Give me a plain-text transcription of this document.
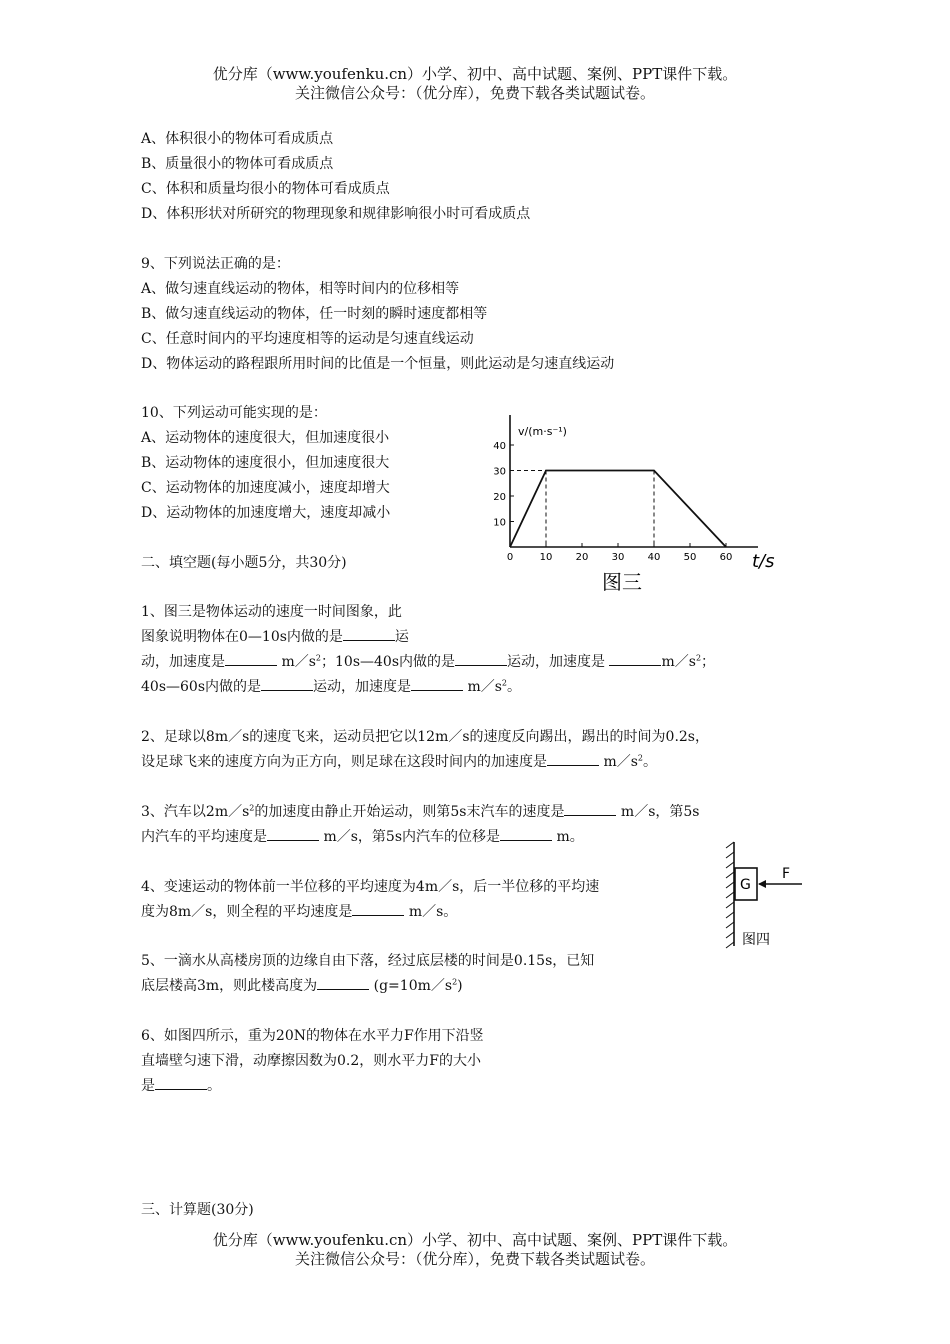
优分库（www.youfenku.cn）小学、初中、高中试题、案例、PPT课件下载。
关注微信公众号：（优分库），免费下载各类试题试卷。
A、体积很小的物体可看成质点
B、质量很小的物体可看成质点
C、体积和质量均很小的物体可看成质点
D、体积形状对所研究的物理现象和规律影响很小时可看成质点
9、下列说法正确的是：
A、做匀速直线运动的物体，相等时间内的位移相等
B、做匀速直线运动的物体，任一时刻的瞬时速度都相等
C、任意时间内的平均速度相等的运动是匀速直线运动
D、物体运动的路程跟所用时间的比值是一个恒量，则此运动是匀速直线运动
10、下列运动可能实现的是：
A、运动物体的速度很大，但加速度很小
B、运动物体的速度很小，但加速度很大
C、运动物体的加速度减小，速度却增大
D、运动物体的加速度增大，速度却减小
二、填空题(每小题5分，共30分)	0	10 20 30 40 50 60
10
20
30
40
v/(m·s⁻¹)
t/s
图三
1、图三是物体运动的速度一时间图象，此
图象说明物体在0—10s内做的是	运
动，加速度是	$m/s^2$；10s—40s内做的是	运动，加速度是	$m/s^2$；
40s—60s内做的是	运动，加速度是	$m/s^2$。
2、足球以8m／s的速度飞来，运动员把它以12m／s的速度反向踢出，踢出的时间为0.2s，
设足球飞来的速度方向为正方向，则足球在这段时间内的加速度是	$m/s^2$。
3、汽车以$2m/s^2$的加速度由静止开始运动，则第5s末汽车的速度是	m／s，第5s
内汽车的平均速度是	m／s，第5s内汽车的位移是	m。
G
F
图四
4、变速运动的物体前一半位移的平均速度为4m／s，后一半位移的平均速
度为8m／s，则全程的平均速度是	m／s。
5、一滴水从高楼房顶的边缘自由下落，经过底层楼的时间是0.15s，已知
底层楼高3m，则此楼高度为	$(g=10m/s^2)$
6、如图四所示，重为20N的物体在水平力F作用下沿竖
直墙壁匀速下滑，动摩擦因数为0.2，则水平力F的大小
是	。
三、计算题(30分)
优分库（www.youfenku.cn）小学、初中、高中试题、案例、PPT课件下载。
关注微信公众号：（优分库），免费下载各类试题试卷。
